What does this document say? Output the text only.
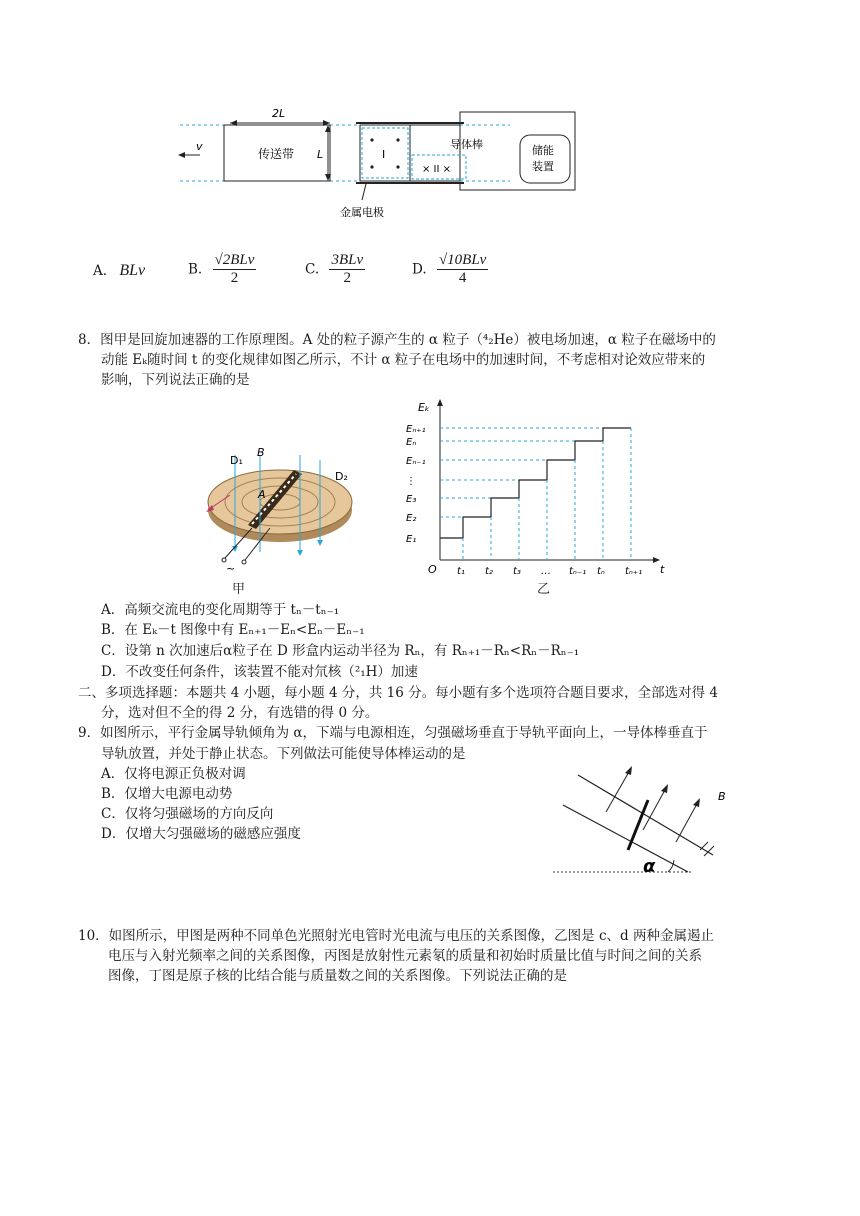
2L
v
传送带 L	I
× II ×
导体棒	储能
装置
金属电极
A. BLv	B. $\frac{\text{√2BLv}}{2}$	C. $\frac{\text{3BLv}}{2}$	D. $\frac{\text{√10BLv}}{4}$
8．图甲是回旋加速器的工作原理图。A 处的粒子源产生的 α 粒子（⁴₂He）被电场加速，α 粒子在磁场中的
动能 Eₖ随时间 t 的变化规律如图乙所示，不计 α 粒子在电场中的加速时间，不考虑相对论效应带来的
影响，下列说法正确的是
D₁
B
D₂
A
~
甲
Eₖ
t
O
E₁
E₂
E₃
⋮
Eₙ₋₁
Eₙ
Eₙ₊₁
t₁ t₂ t₃ … tₙ₋₁ tₙ tₙ₊₁
乙
A．高频交流电的变化周期等于 tₙ－tₙ₋₁
B．在 Eₖ－t 图像中有 Eₙ₊₁－Eₙ<Eₙ－Eₙ₋₁
C．设第 n 次加速后α粒子在 D 形盒内运动半径为 Rₙ，有 Rₙ₊₁－Rₙ<Rₙ－Rₙ₋₁
D．不改变任何条件，该装置不能对氘核（²₁H）加速
二、多项选择题：本题共 4 小题，每小题 4 分，共 16 分。每小题有多个选项符合题目要求，全部选对得 4
分，选对但不全的得 2 分，有选错的得 0 分。
9．如图所示，平行金属导轨倾角为 α，下端与电源相连，匀强磁场垂直于导轨平面向上，一导体棒垂直于
导轨放置，并处于静止状态。下列做法可能使导体棒运动的是
A．仅将电源正负极对调
B．仅增大电源电动势
C．仅将匀强磁场的方向反向
D．仅增大匀强磁场的磁感应强度
B
α
10．如图所示，甲图是两种不同单色光照射光电管时光电流与电压的关系图像，乙图是 c、d 两种金属遏止
电压与入射光频率之间的关系图像，丙图是放射性元素氡的质量和初始时质量比值与时间之间的关系
图像，丁图是原子核的比结合能与质量数之间的关系图像。下列说法正确的是
